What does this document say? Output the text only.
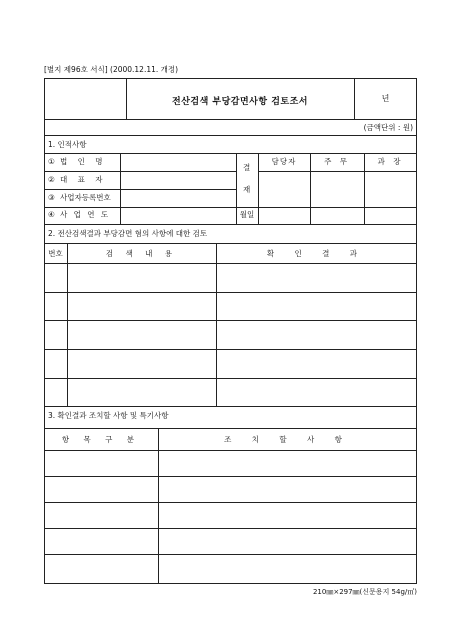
[별지 제96호 서식] (2000.12.11. 개정)
전산검색 부당감면사항 검토조서	년
(금액단위 : 원)
1. 인적사항
① 법 인 명
② 대 표 자
③ 사업자등록번호
④ 사 업 연 도
결
재
담당자	주 무	과 장
월일
2. 전산검색결과 부당감면 혐의 사항에 대한 검토
번호	검 색 내 용	확 인 결 과
3. 확인결과 조치할 사항 및 특기사항
항 목 구 분	조 치 할 사 항
210㎜×297㎜(신문용지 54g/㎡)
